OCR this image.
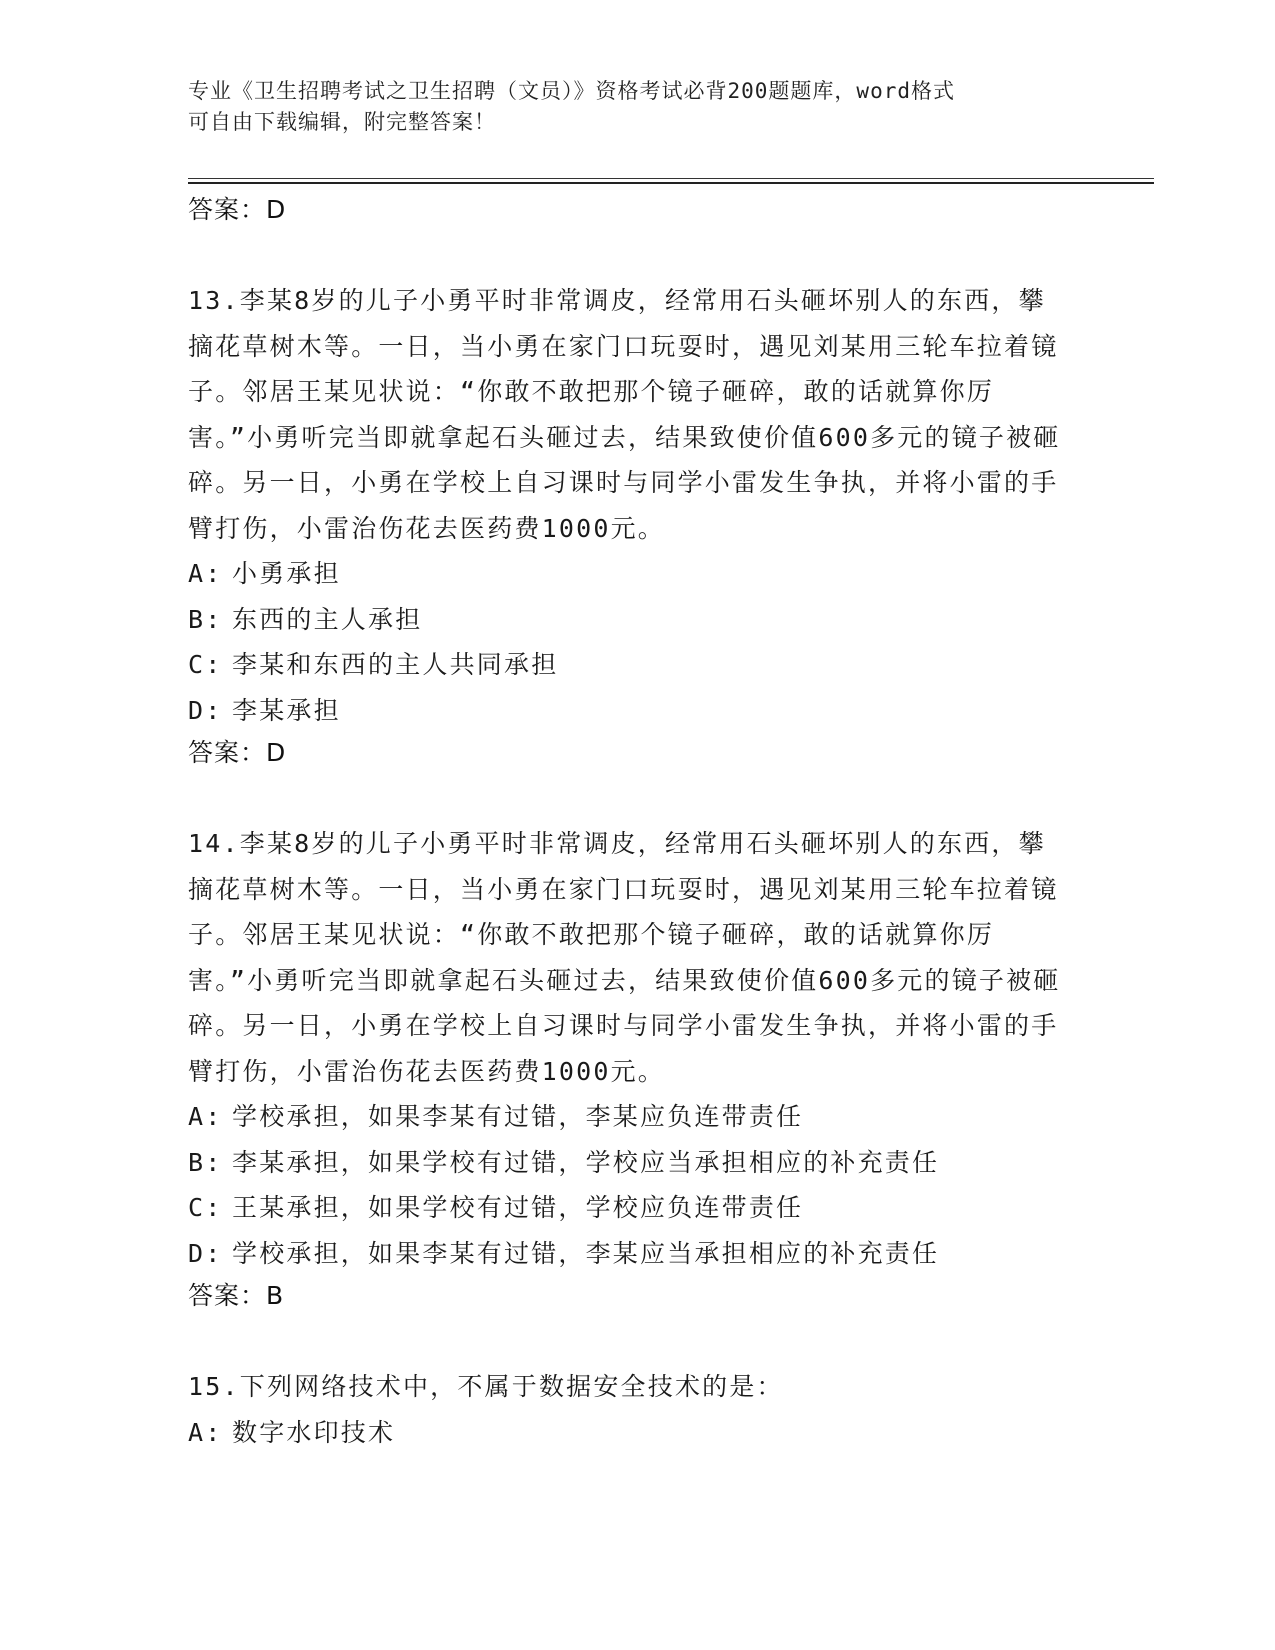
专业《卫生招聘考试之卫生招聘（文员）》资格考试必背200题题库，word格式
可自由下载编辑，附完整答案！
答案：D
13.李某8岁的儿子小勇平时非常调皮，经常用石头砸坏别人的东西，攀摘花草树木等。一日，当小勇在家门口玩耍时，遇见刘某用三轮车拉着镜子。邻居王某见状说：“你敢不敢把那个镜子砸碎，敢的话就算你厉害。”小勇听完当即就拿起石头砸过去，结果致使价值600多元的镜子被砸碎。另一日，小勇在学校上自习课时与同学小雷发生争执，并将小雷的手臂打伤，小雷治伤花去医药费1000元。
A: 小勇承担
B: 东西的主人承担
C: 李某和东西的主人共同承担
D: 李某承担
答案：D
14.李某8岁的儿子小勇平时非常调皮，经常用石头砸坏别人的东西，攀摘花草树木等。一日，当小勇在家门口玩耍时，遇见刘某用三轮车拉着镜子。邻居王某见状说：“你敢不敢把那个镜子砸碎，敢的话就算你厉害。”小勇听完当即就拿起石头砸过去，结果致使价值600多元的镜子被砸碎。另一日，小勇在学校上自习课时与同学小雷发生争执，并将小雷的手臂打伤，小雷治伤花去医药费1000元。
A: 学校承担，如果李某有过错，李某应负连带责任
B: 李某承担，如果学校有过错，学校应当承担相应的补充责任
C: 王某承担，如果学校有过错，学校应负连带责任
D: 学校承担，如果李某有过错，李某应当承担相应的补充责任
答案：B
15.下列网络技术中，不属于数据安全技术的是：
A: 数字水印技术
